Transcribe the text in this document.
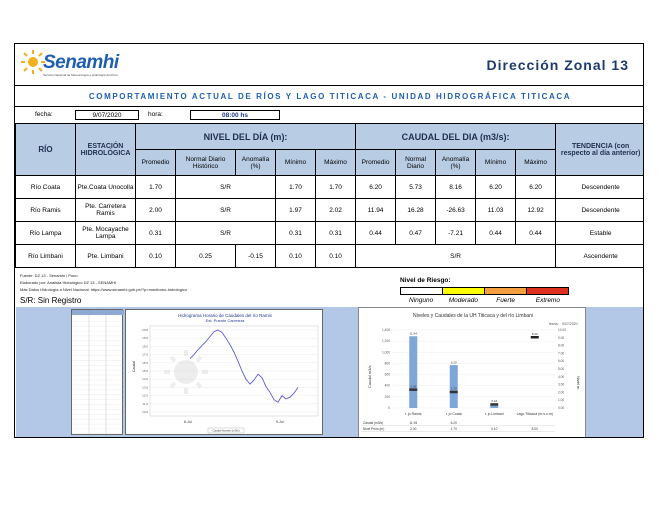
Senamhi
Servicio Nacional de Meteorología e Hidrología del Perú
Dirección Zonal 13
COMPORTAMIENTO ACTUAL DE RÍOS Y LAGO TITICACA - UNIDAD HIDROGRÁFICA TITICACA
fecha:	9/07/2020	hora:	08:00 hs
RÍO	ESTACIÓN HIDROLÓGICA	NIVEL DEL DÍA (m):					CAUDAL DEL DIA (m3/s):					TENDENCIA (con respecto al día anterior)
		Promedio	Normal Diario Histórico	Anomalía (%)	Mínimo	Máximo	Promedio	Normal Diario	Anomalía (%)	Mínimo	Máximo	
Río Coata	Pte.Coata Unocolla	1.70	S/R		1.70	1.70	6.20	5.73	8.16	6.20	6.20	Descendente
Río Ramis	Pte. Carretera Ramis	2.00	S/R		1.97	2.02	11.94	16.28	-26.63	11.03	12.92	Descendente
Río Lampa	Pte. Mocayache Lampa	0.31	S/R		0.31	0.31	0.44	0.47	-7.21	0.44	0.44	Estable
Río Limbani	Pte. Limbani	0.10	0.25	-0.15	0.10	0.10	S/R					Ascendente
Fuente: DZ 13 - Senamhi / Puno
Elaborado por: Analista Hidrológico DZ 13 - SENAMHI
Más Datos Hidrología a Nivel Nacional: https://www.senamhi.gob.pe/?p=monitoreo-hidrologico
S/R: Sin Registro
Nivel de Riesgo:
Ninguno	Moderado	Fuerte	Extremo
Hidrograma Horario de Caudales del río Ramis
Est. Puente Carretera
20.0
19.0
18.0
17.0
16.0
15.0
14.0
13.0
12.0
11.0
10.0
Caudal
8-Jul	9-Jul
Caudal horario (m3/s)
Niveles y Caudales de la UH Titicaca y del río Limbani
fecha: 9/07/2020
Caudal m3/s	Nivel m
1,400
1,200
1,000
800
600
400
200
0
10.00
9.00
8.00
7.00
6.00
5.00
4.00
3.00
2.00
1.00
0.00
11.94
2.00
6.20
1.70
0.10
8.00
r. jo Ramis	r. jo Coata	r. jo Limbani	Lago Titicaca (m.s.n.m)
Caudal (m3/s)	11.94	6.20
Nivel Prom (m)	2.00	1.70	0.10	8.00
